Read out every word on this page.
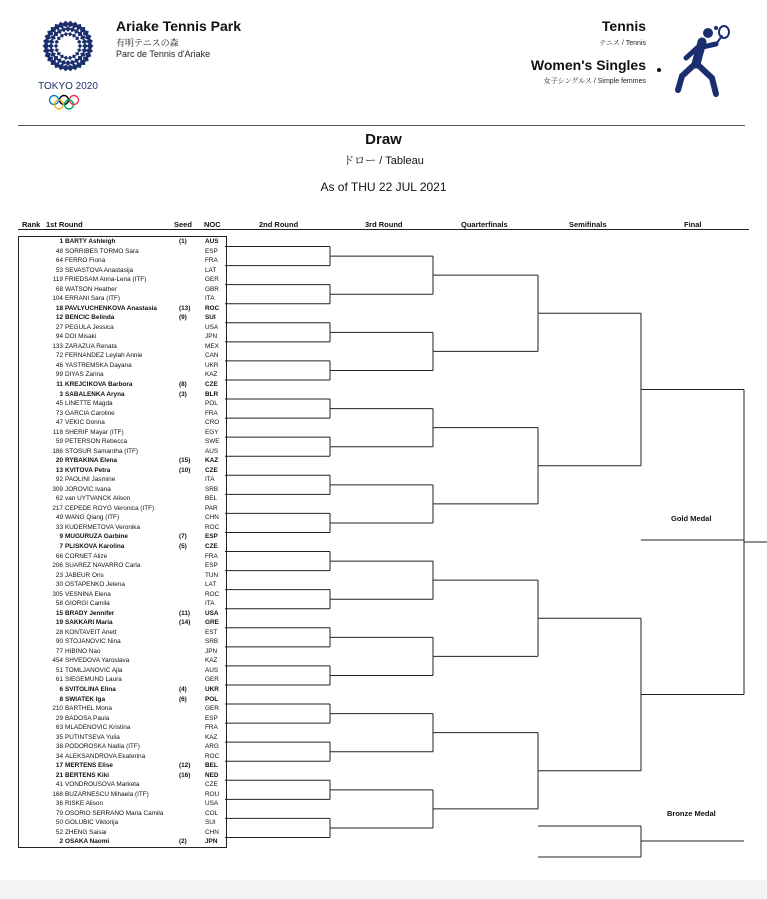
TOKYO 2020
Ariake Tennis Park
有明テニスの森
Parc de Tennis d'Ariake
Tennis
テニス / Tennis
Women's Singles
女子シングルス / Simple femmes
Draw
ドロー / Tableau
As of THU 22 JUL 2021
Rank 1st Round	Seed NOC	2nd Round	3rd Round	Quarterfinals	Semifinals	Final
1 BARTY Ashleigh	(1)	AUS
48 SORRIBES TORMO Sara	ESP
64 FERRO Fiona	FRA
53 SEVASTOVA Anastasija	LAT
119 FRIEDSAM Anna-Lena (ITF)	GER
68 WATSON Heather	GBR
104 ERRANI Sara (ITF)	ITA
18 PAVLYUCHENKOVA Anastasia	(13) ROC
12 BENCIC Belinda	(9)	SUI
27 PEGULA Jessica	USA
94 DOI Misaki	JPN
133 ZARAZUA Renata	MEX
72 FERNANDEZ Leylah Annie	CAN
46 YASTREMSKA Dayana	UKR
99 DIYAS Zarina	KAZ
11 KREJCIKOVA Barbora	(8)	CZE
3 SABALENKA Aryna	(3)	BLR
45 LINETTE Magda	POL
73 GARCIA Caroline	FRA
47 VEKIC Donna	CRO
118 SHERIF Mayar (ITF)	EGY
59 PETERSON Rebecca	SWE
186 STOSUR Samantha (ITF)	AUS
20 RYBAKINA Elena	(15) KAZ
13 KVITOVA Petra	(10) CZE
92 PAOLINI Jasmine	ITA
309 JOROVIC Ivana	SRB
62 van UYTVANCK Alison	BEL
217 CEPEDE ROYG Veronica (ITF)	PAR
49 WANG Qiang (ITF)	CHN
33 KUDERMETOVA Veronika	ROC
9 MUGURUZA Garbine	(7)	ESP
7 PLISKOVA Karolina	(5)	CZE
66 CORNET Alize	FRA
206 SUAREZ NAVARRO Carla	ESP
23 JABEUR Ons	TUN
30 OSTAPENKO Jelena	LAT
305 VESNINA Elena	ROC
58 GIORGI Camila	ITA
15 BRADY Jennifer	(11) USA
19 SAKKARI Maria	(14) GRE
28 KONTAVEIT Anett	EST
90 STOJANOVIC Nina	SRB
77 HIBINO Nao	JPN
454 SHVEDOVA Yaroslava	KAZ
51 TOMLJANOVIC Ajla	AUS
61 SIEGEMUND Laura	GER
6 SVITOLINA Elina	(4)	UKR
8 SWIATEK Iga	(6)	POL
210 BARTHEL Mona	GER
29 BADOSA Paula	ESP
63 MLADENOVIC Kristina	FRA
35 PUTINTSEVA Yulia	KAZ
38 PODOROSKA Nadia (ITF)	ARG
34 ALEKSANDROVA Ekaterina	ROC
17 MERTENS Elise	(12) BEL
21 BERTENS Kiki	(16) NED
41 VONDROUSOVA Marketa	CZE
168 BUZARNESCU Mihaela (ITF)	ROU
36 RISKE Alison	USA
79 OSORIO SERRANO Maria Camila	COL
50 GOLUBIC Viktorija	SUI
52 ZHENG Saisai	CHN
2 OSAKA Naomi	(2)	JPN
Gold Medal
Bronze Medal
